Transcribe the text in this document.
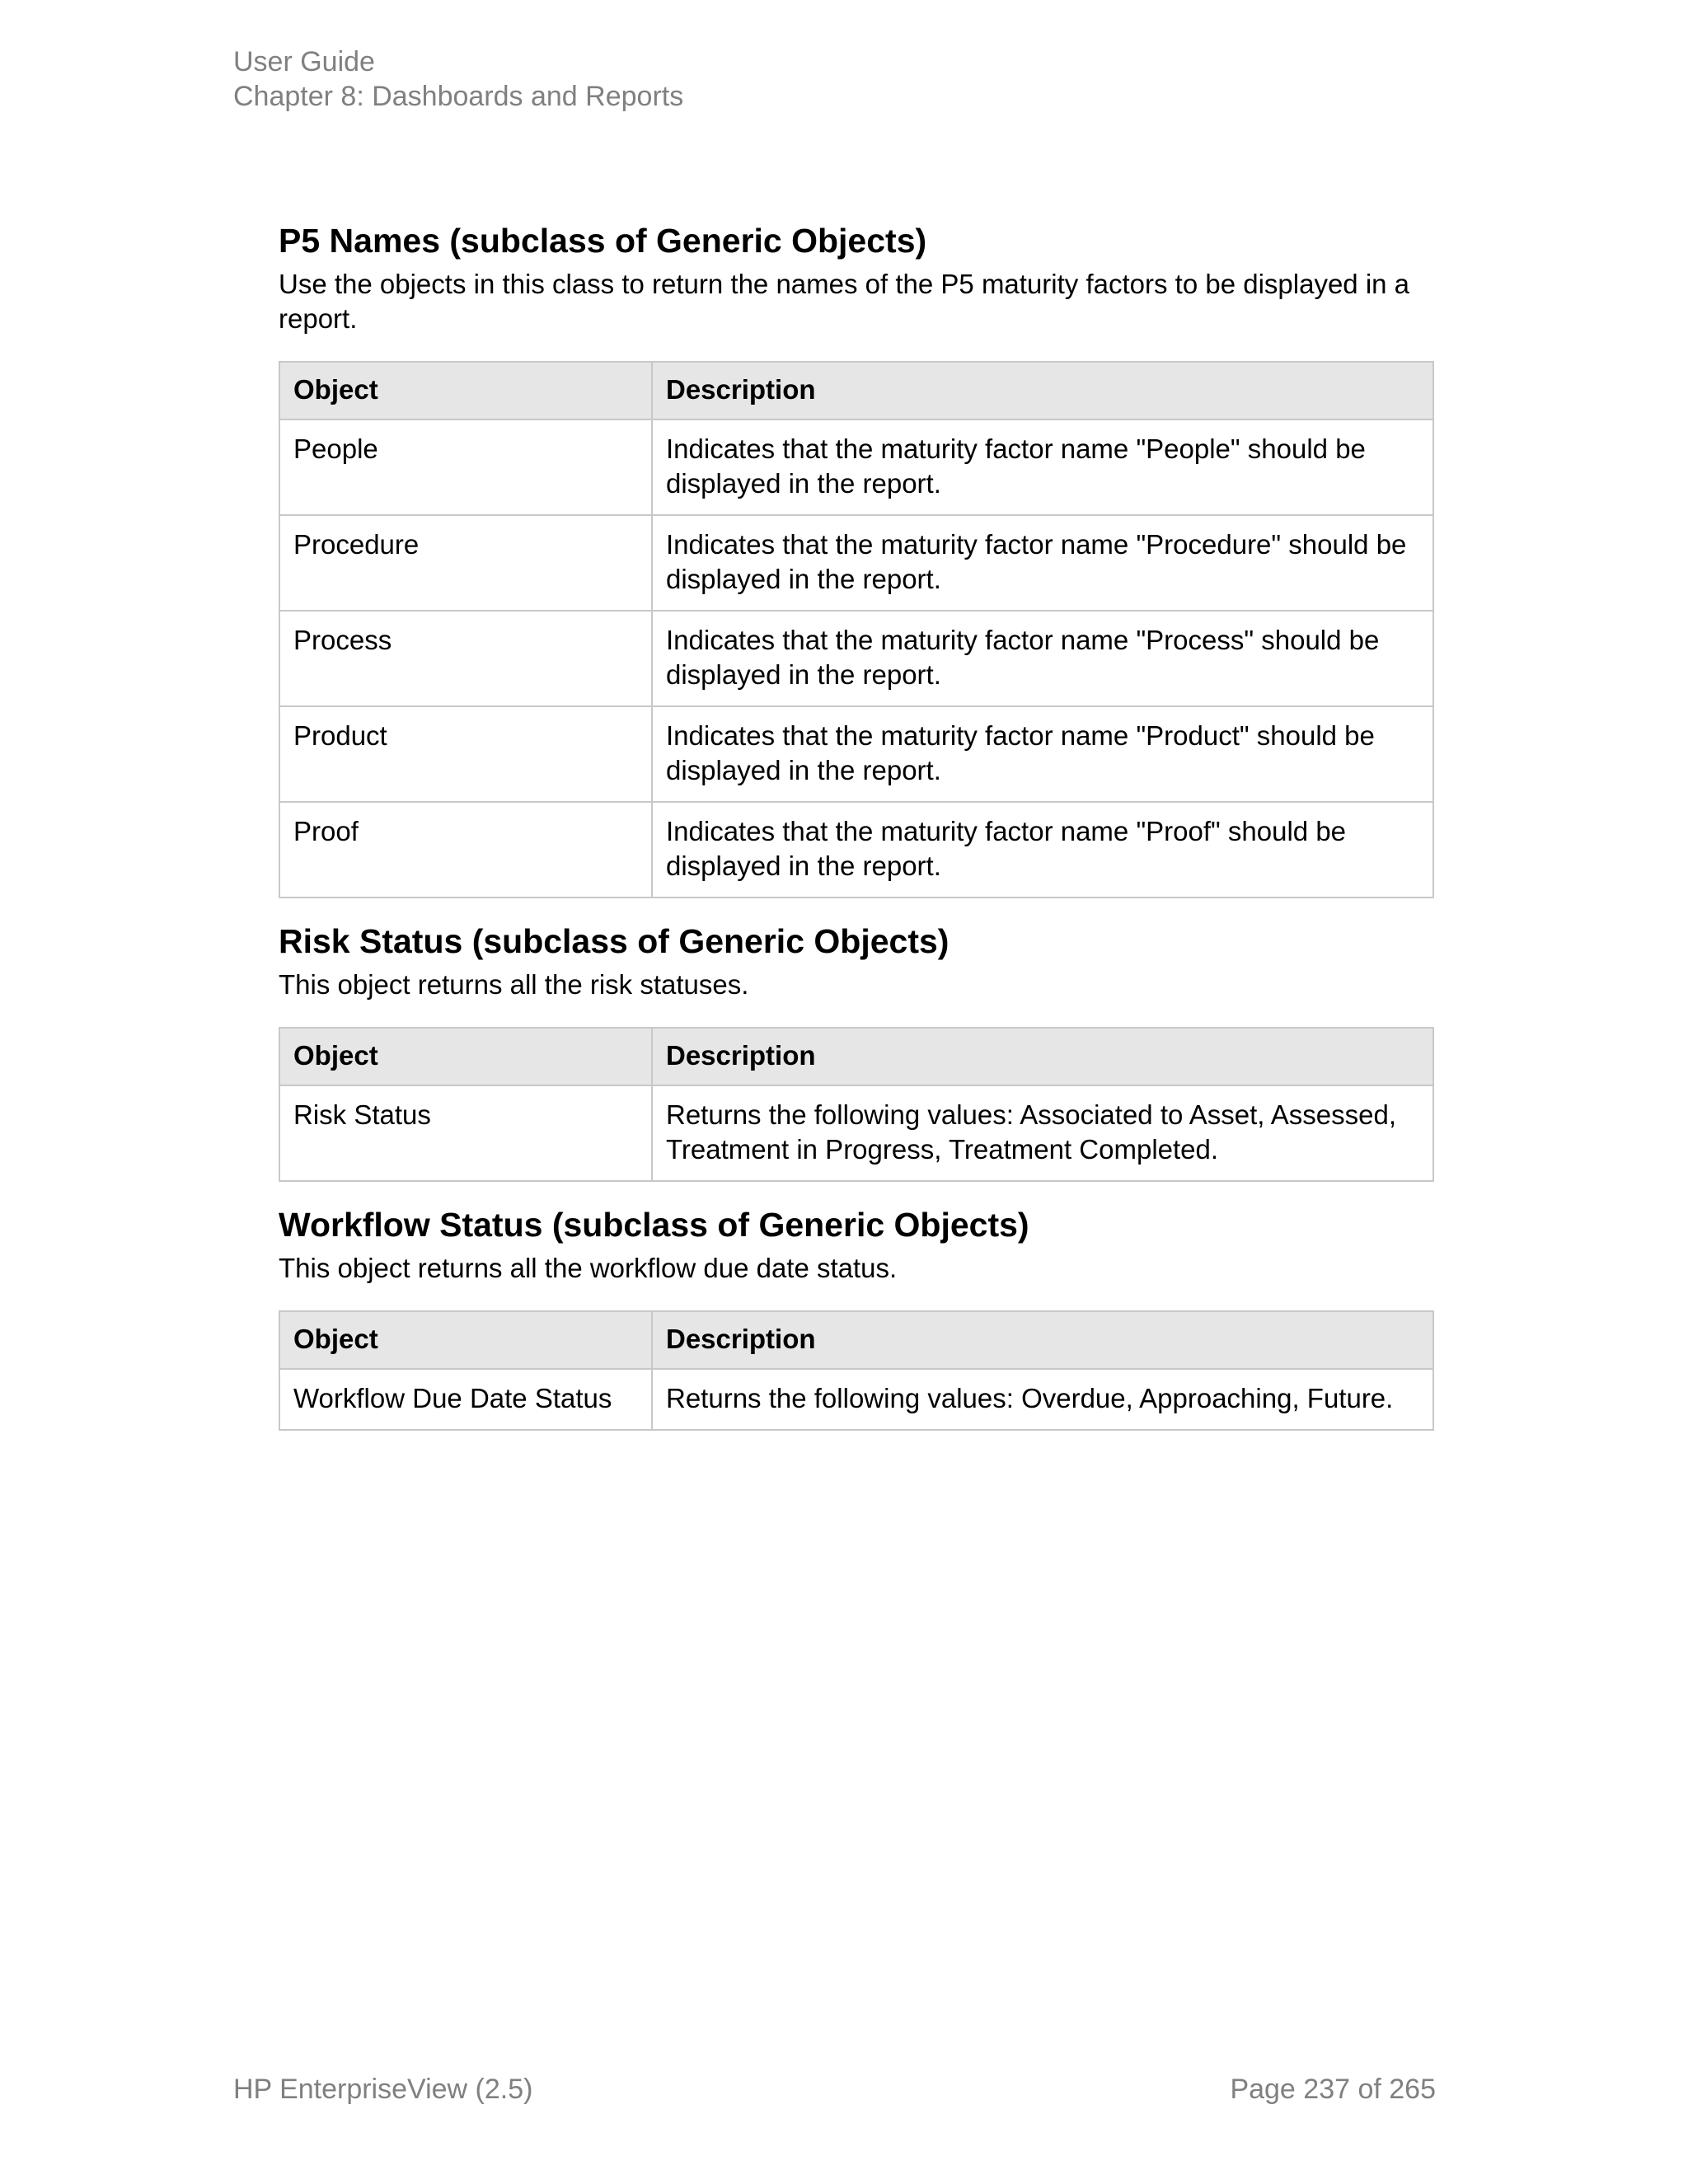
User Guide
Chapter 8: Dashboards and Reports
P5 Names (subclass of Generic Objects)

Use the objects in this class to return the names of the P5 maturity factors to be displayed in a report.

Object	Description
People	Indicates that the maturity factor name "People" should be displayed in the report.
Procedure	Indicates that the maturity factor name "Procedure" should be displayed in the report.
Process	Indicates that the maturity factor name "Process" should be displayed in the report.
Product	Indicates that the maturity factor name "Product" should be displayed in the report.
Proof	Indicates that the maturity factor name "Proof" should be displayed in the report.
Risk Status (subclass of Generic Objects)

This object returns all the risk statuses.

Object	Description
Risk Status	Returns the following values: Associated to Asset, Assessed, Treatment in Progress, Treatment Completed.
Workflow Status (subclass of Generic Objects)

This object returns all the workflow due date status.

Object	Description
Workflow Due Date Status	Returns the following values: Overdue, Approaching, Future.
HP EnterpriseView (2.5)	Page 237 of 265
